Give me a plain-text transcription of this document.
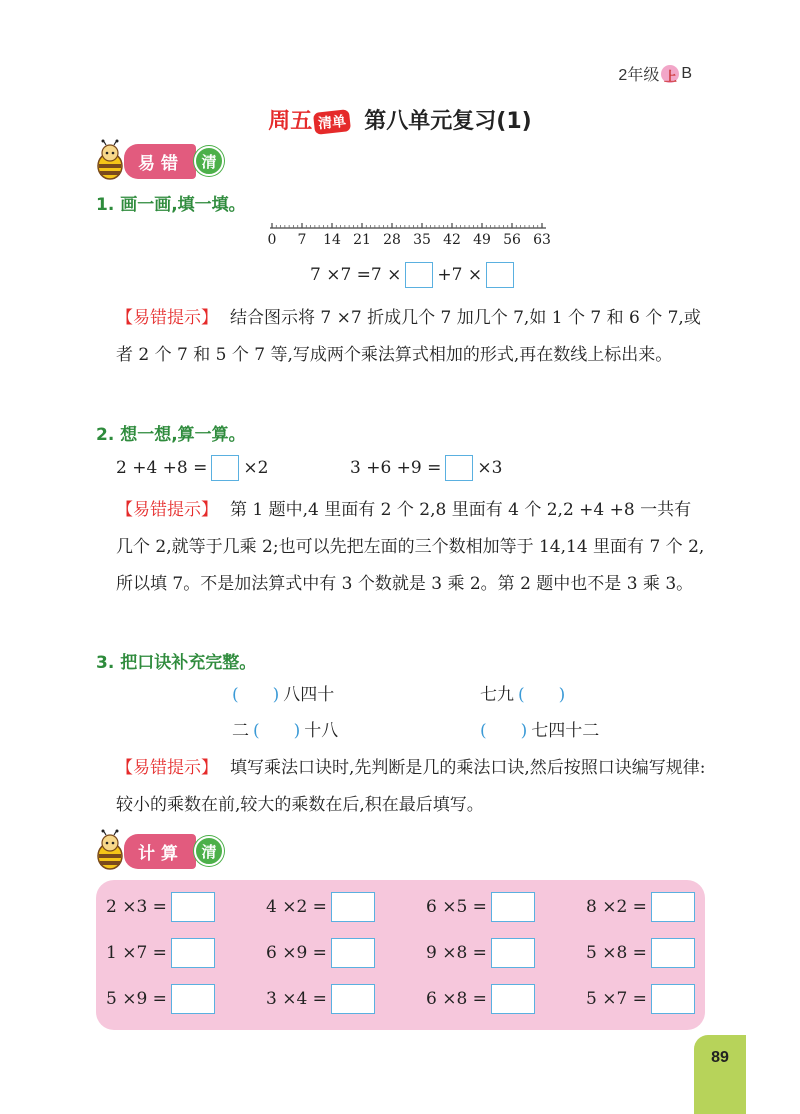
2年级 上 B
周五 清单 第八单元复习(1)
易错	清
1. 画一画,填一填。
0 7 14 21 28 35 42 49 56 63
7 ×7 =7 × +7 ×
【易错提示】 结合图示将 7 ×7 折成几个 7 加几个 7,如 1 个 7 和 6 个 7,或者 2 个 7 和 5 个 7 等,写成两个乘法算式相加的形式,再在数线上标出来。
2. 想一想,算一算。
2 +4 +8 = ×2	3 +6 +9 = ×3
【易错提示】 第 1 题中,4 里面有 2 个 2,8 里面有 4 个 2,2 +4 +8 一共有几个 2,就等于几乘 2;也可以先把左面的三个数相加等于 14,14 里面有 7 个 2,所以填 7。不是加法算式中有 3 个数就是 3 乘 2。第 2 题中也不是 3 乘 3。
3. 把口诀补充完整。
(　　) 八四十	七九 (　　)
二 (　　) 十八	(　　) 七四十二
【易错提示】 填写乘法口诀时,先判断是几的乘法口诀,然后按照口诀编写规律:较小的乘数在前,较大的乘数在后,积在最后填写。
计算	清
2 ×3 =	4 ×2 =	6 ×5 =	8 ×2 =
1 ×7 =	6 ×9 =	9 ×8 =	5 ×8 =
5 ×9 =	3 ×4 =	6 ×8 =	5 ×7 =
89
